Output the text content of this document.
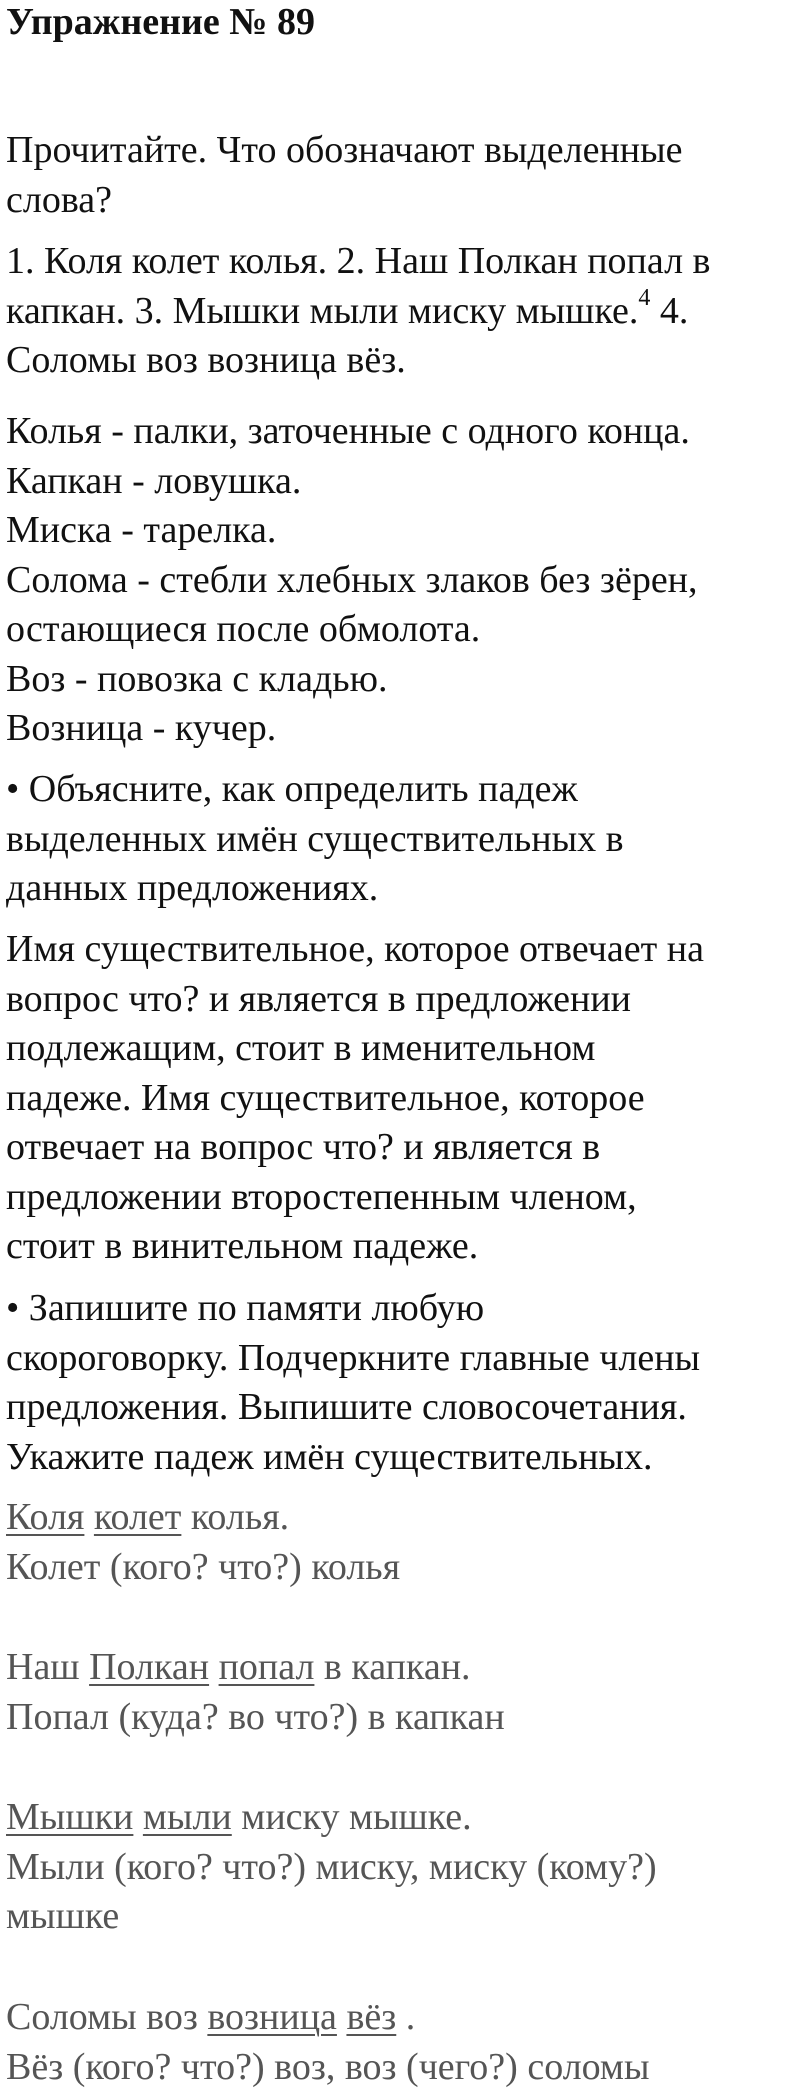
Упражнение № 89
Прочитайте. Что обозначают выделенные
слова?
1. Коля колет колья. 2. Наш Полкан попал в
капкан. 3. Мышки мыли миску мышке.$^4$ 4.
Соломы воз возница вёз.
Колья - палки, заточенные с одного конца.
Капкан - ловушка.
Миска - тарелка.
Солома - стебли хлебных злаков без зёрен,
остающиеся после обмолота.
Воз - повозка с кладью.
Возница - кучер.
• Объясните, как определить падеж
выделенных имён существительных в
данных предложениях.
Имя существительное, которое отвечает на
вопрос что? и является в предложении
подлежащим, стоит в именительном
падеже. Имя существительное, которое
отвечает на вопрос что? и является в
предложении второстепенным членом,
стоит в винительном падеже.
• Запишите по памяти любую
скороговорку. Подчеркните главные члены
предложения. Выпишите словосочетания.
Укажите падеж имён существительных.
Коля колет колья.
Колет (кого? что?) колья
Наш Полкан попал в капкан.
Попал (куда? во что?) в капкан
Мышки мыли миску мышке.
Мыли (кого? что?) миску, миску (кому?)
мышке
Соломы воз возница вёз .
Вёз (кого? что?) воз, воз (чего?) соломы
